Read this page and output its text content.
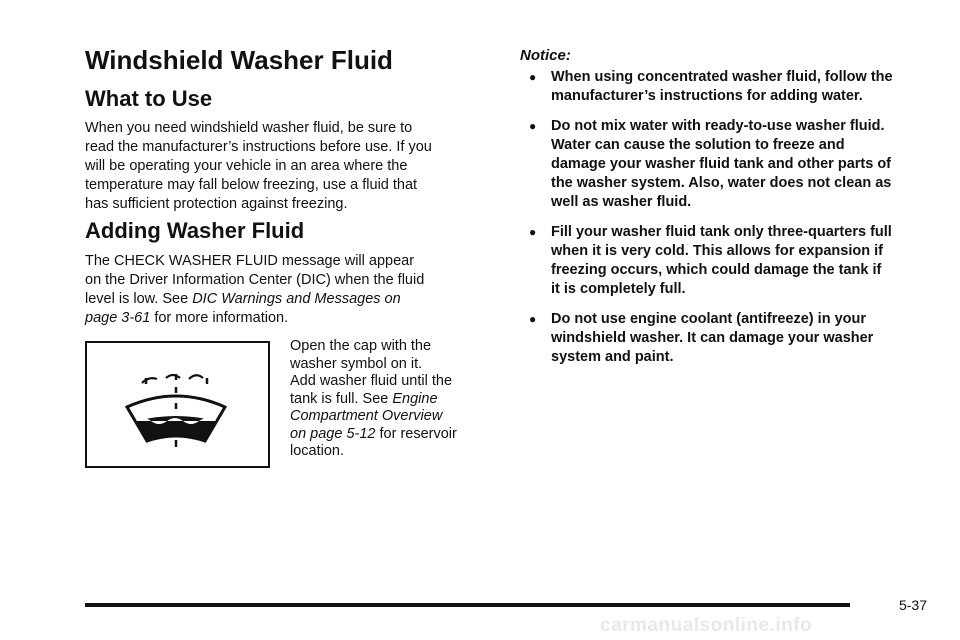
Windshield Washer Fluid
What to Use

When you need windshield washer fluid, be sure to
read the manufacturer’s instructions before use. If you
will be operating your vehicle in an area where the
temperature may fall below freezing, use a fluid that
has sufficient protection against freezing.

Adding Washer Fluid

The CHECK WASHER FLUID message will appear
on the Driver Information Center (DIC) when the fluid
level is low. See DIC Warnings and Messages on
page 3-61 for more information.

Open the cap with the
washer symbol on it.
Add washer fluid until the
tank is full. See Engine
Compartment Overview
on page 5-12 for reservoir
location.

Notice:

● When using concentrated washer fluid, follow the
manufacturer’s instructions for adding water.
● Do not mix water with ready-to-use washer fluid.
Water can cause the solution to freeze and
damage your washer fluid tank and other parts of
the washer system. Also, water does not clean as
well as washer fluid.
● Fill your washer fluid tank only three-quarters full
when it is very cold. This allows for expansion if
freezing occurs, which could damage the tank if
it is completely full.
● Do not use engine coolant (antifreeze) in your
windshield washer. It can damage your washer
system and paint.
5-37
carmanualsonline.info
